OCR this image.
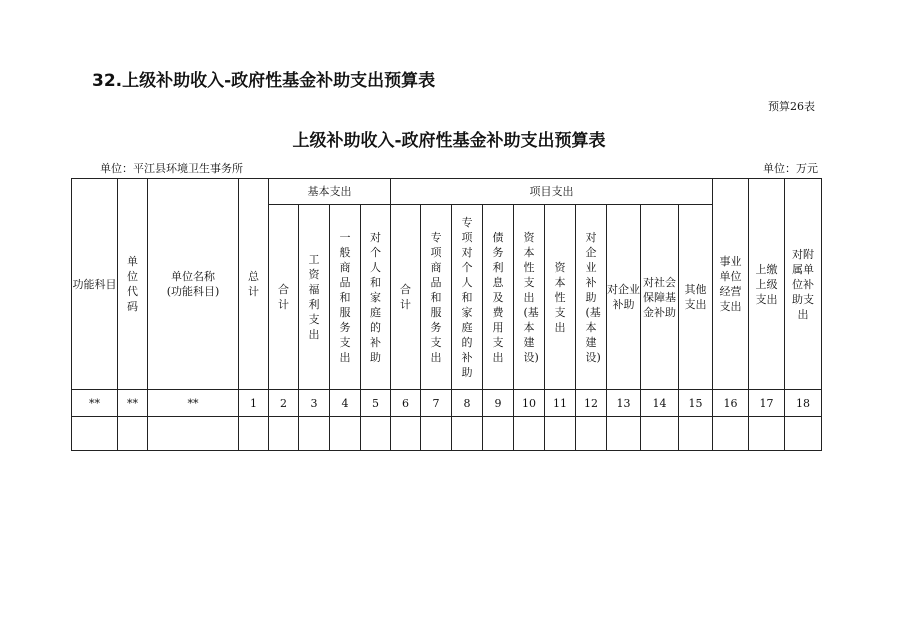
32.上级补助收入-政府性基金补助支出预算表
预算26表
上级补助收入-政府性基金补助支出预算表
单位：平江县环境卫生事务所	单位：万元
功能科目	单位代码	单位名称(功能科目)	总计	基本支出				项目支出										事业单位经营支出	上缴上级支出	对附属单位补助支出
				合计	工资福利支出	一般商品和服务支出	对个人和家庭的补助	合计	专项商品和服务支出	专项对个人和家庭的补助	债务利息及费用支出	资本性支出(基本建设)	资本性支出	对企业补助(基本建设)	对企业补助	对社会保障基金补助	其他支出			
**	**	**	1	2	3	4	5	6	7	8	9	10	11	12	13	14	15	16	17	18
